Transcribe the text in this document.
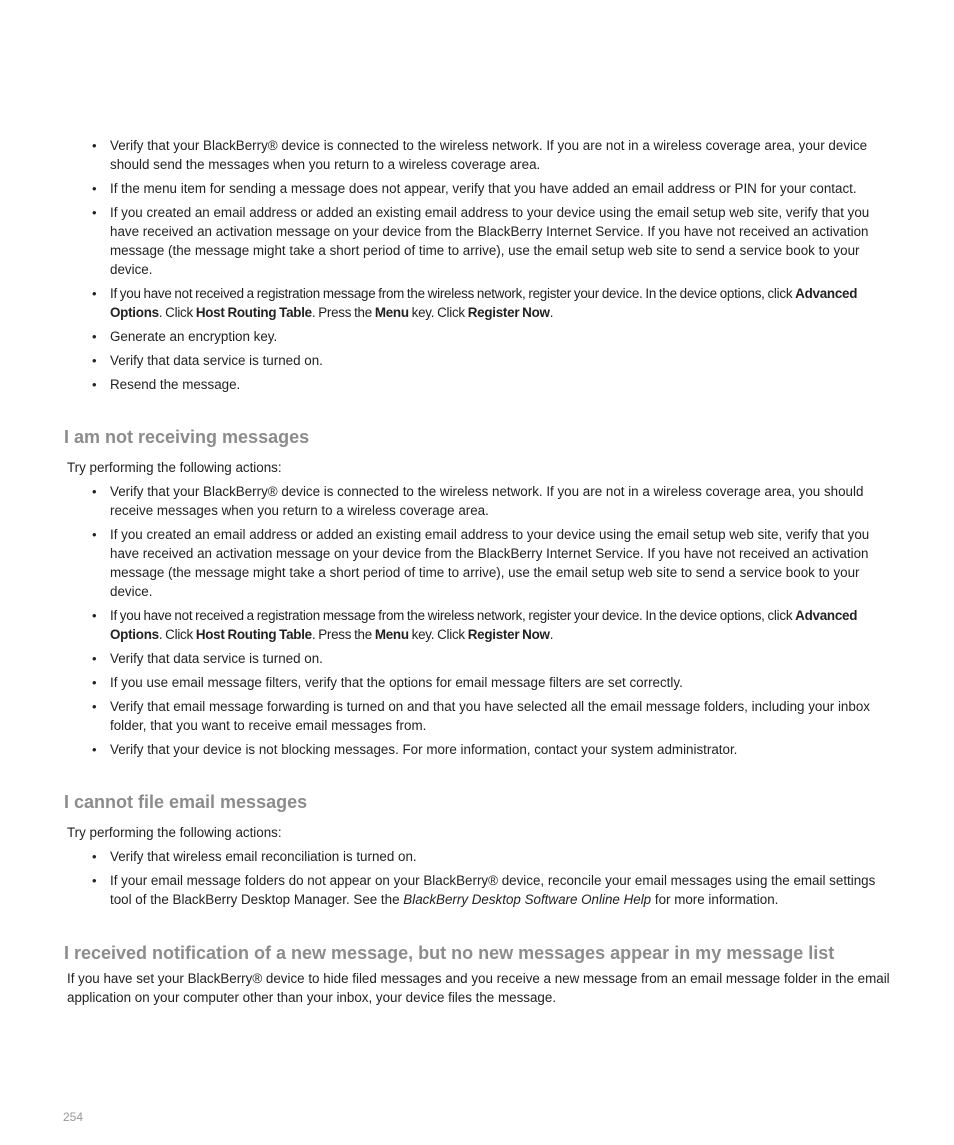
• Verify that your BlackBerry® device is connected to the wireless network. If you are not in a wireless coverage area, your device should send the messages when you return to a wireless coverage area.
• If the menu item for sending a message does not appear, verify that you have added an email address or PIN for your contact.
• If you created an email address or added an existing email address to your device using the email setup web site, verify that you have received an activation message on your device from the BlackBerry Internet Service. If you have not received an activation message (the message might take a short period of time to arrive), use the email setup web site to send a service book to your device.
• If you have not received a registration message from the wireless network, register your device. In the device options, click Advanced Options. Click Host Routing Table. Press the Menu key. Click Register Now.
• Generate an encryption key.
• Verify that data service is turned on.
• Resend the message.
I am not receiving messages

Try performing the following actions:

• Verify that your BlackBerry® device is connected to the wireless network. If you are not in a wireless coverage area, you should receive messages when you return to a wireless coverage area.
• If you created an email address or added an existing email address to your device using the email setup web site, verify that you have received an activation message on your device from the BlackBerry Internet Service. If you have not received an activation message (the message might take a short period of time to arrive), use the email setup web site to send a service book to your device.
• If you have not received a registration message from the wireless network, register your device. In the device options, click Advanced Options. Click Host Routing Table. Press the Menu key. Click Register Now.
• Verify that data service is turned on.
• If you use email message filters, verify that the options for email message filters are set correctly.
• Verify that email message forwarding is turned on and that you have selected all the email message folders, including your inbox folder, that you want to receive email messages from.
• Verify that your device is not blocking messages. For more information, contact your system administrator.
I cannot file email messages

Try performing the following actions:

• Verify that wireless email reconciliation is turned on.
• If your email message folders do not appear on your BlackBerry® device, reconcile your email messages using the email settings tool of the BlackBerry Desktop Manager. See the BlackBerry Desktop Software Online Help for more information.
I received notification of a new message, but no new messages appear in my message list

If you have set your BlackBerry® device to hide filed messages and you receive a new message from an email message folder in the email application on your computer other than your inbox, your device files the message.

254
